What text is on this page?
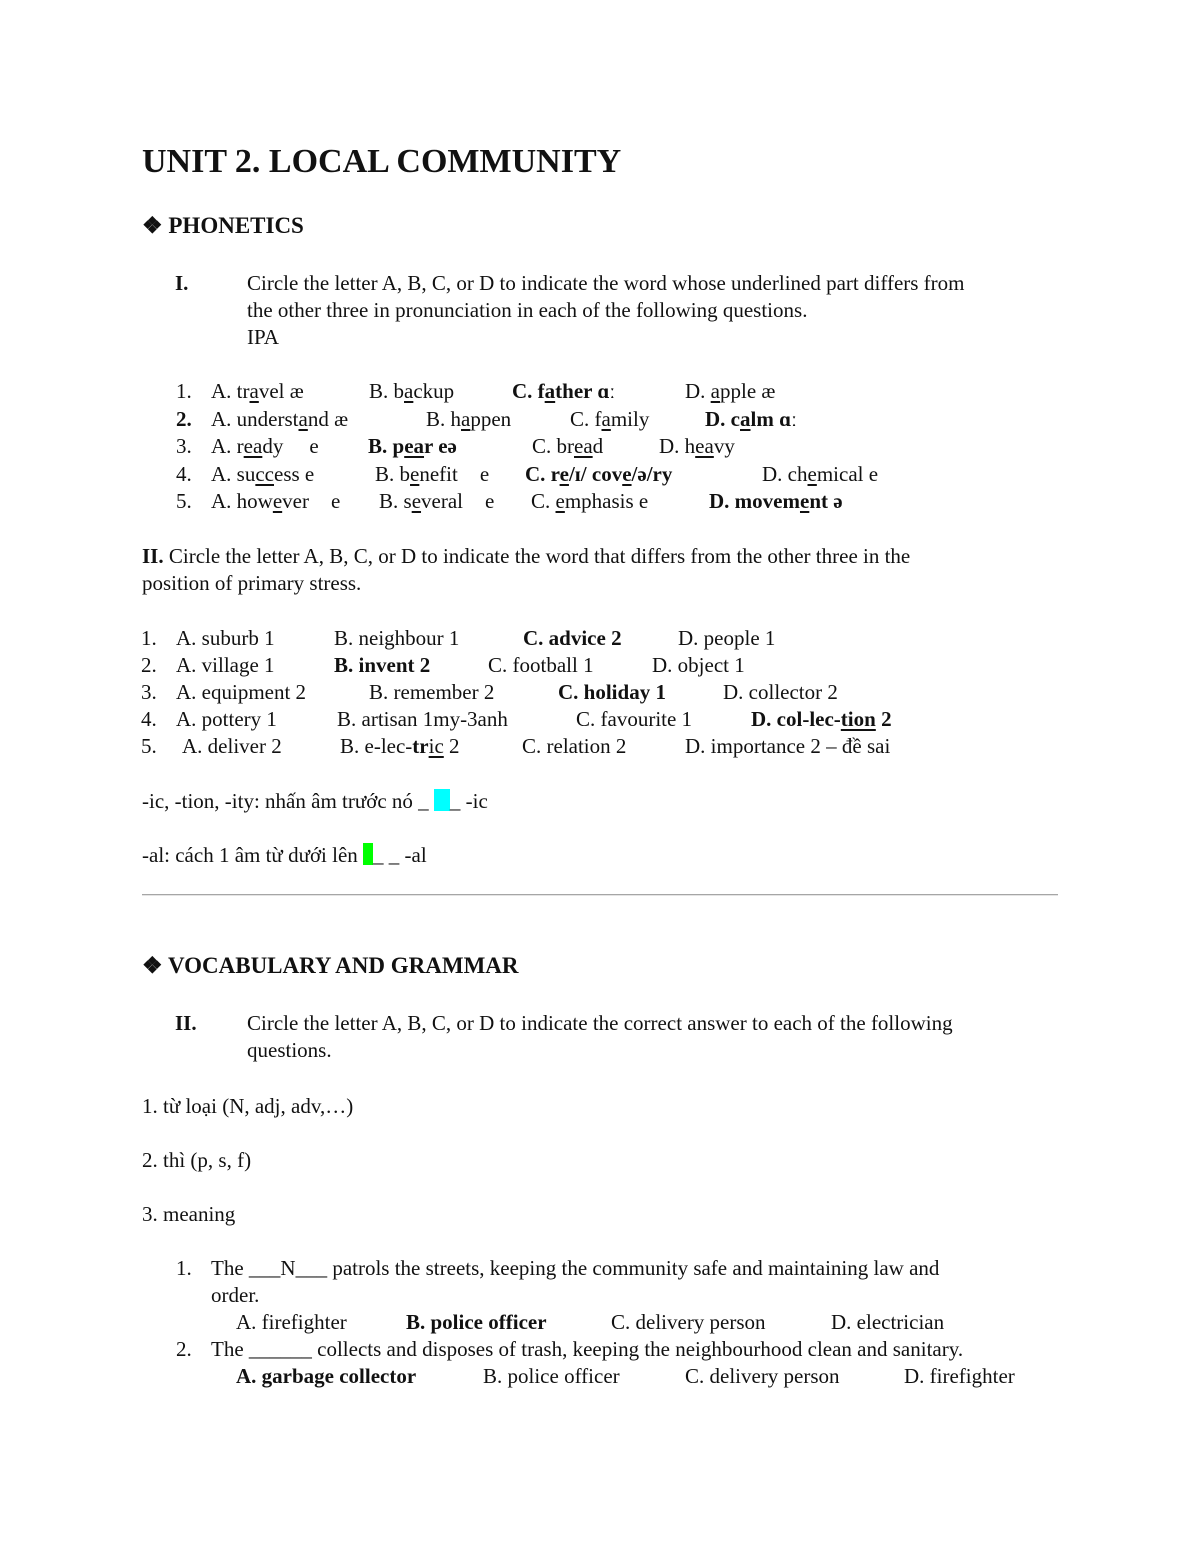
UNIT 2. LOCAL COMMUNITY
❖ PHONETICS
I.	Circle the letter A, B, C, or D to indicate the word whose underlined part differs from
the other three in pronunciation in each of the following questions.
IPA
1. A. travel æ	B. backup	C. father ɑː	D. apple æ
2. A. understand æ	B. happen	C. family	D. calm ɑː
3. A. ready e B. pear eə	C. bread	D. heavy
4. A. success e	B. benefit e C. re/ɪ/ cove/ə/ry	D. chemical e
5. A. however e B. several e C. emphasis e	D. movement ə
II. Circle the letter A, B, C, or D to indicate the word that differs from the other three in the
position of primary stress.
1. A. suburb 1	B. neighbour 1	C. advice 2	D. people 1
2. A. village 1	B. invent 2	C. football 1	D. object 1
3. A. equipment 2	B. remember 2	C. holiday 1	D. collector 2
4. A. pottery 1	B. artisan 1my-3anh	C. favourite 1	D. col-lec-tion 2
5. A. deliver 2	B. e-lec-tric 2	C. relation 2	D. importance 2 – đề sai
-ic, -tion, -ity: nhấn âm trước nó _ _ -ic
-al: cách 1 âm từ dưới lên _ _ -al
❖ VOCABULARY AND GRAMMAR
II. Circle the letter A, B, C, or D to indicate the correct answer to each of the following
questions.
1. từ loại (N, adj, adv,…)
2. thì (p, s, f)
3. meaning
1. The ___N___ patrols the streets, keeping the community safe and maintaining law and
order.
A. firefighter	B. police officer	C. delivery person	D. electrician
2. The ______ collects and disposes of trash, keeping the neighbourhood clean and sanitary.
A. garbage collector	B. police officer	C. delivery person	D. firefighter
